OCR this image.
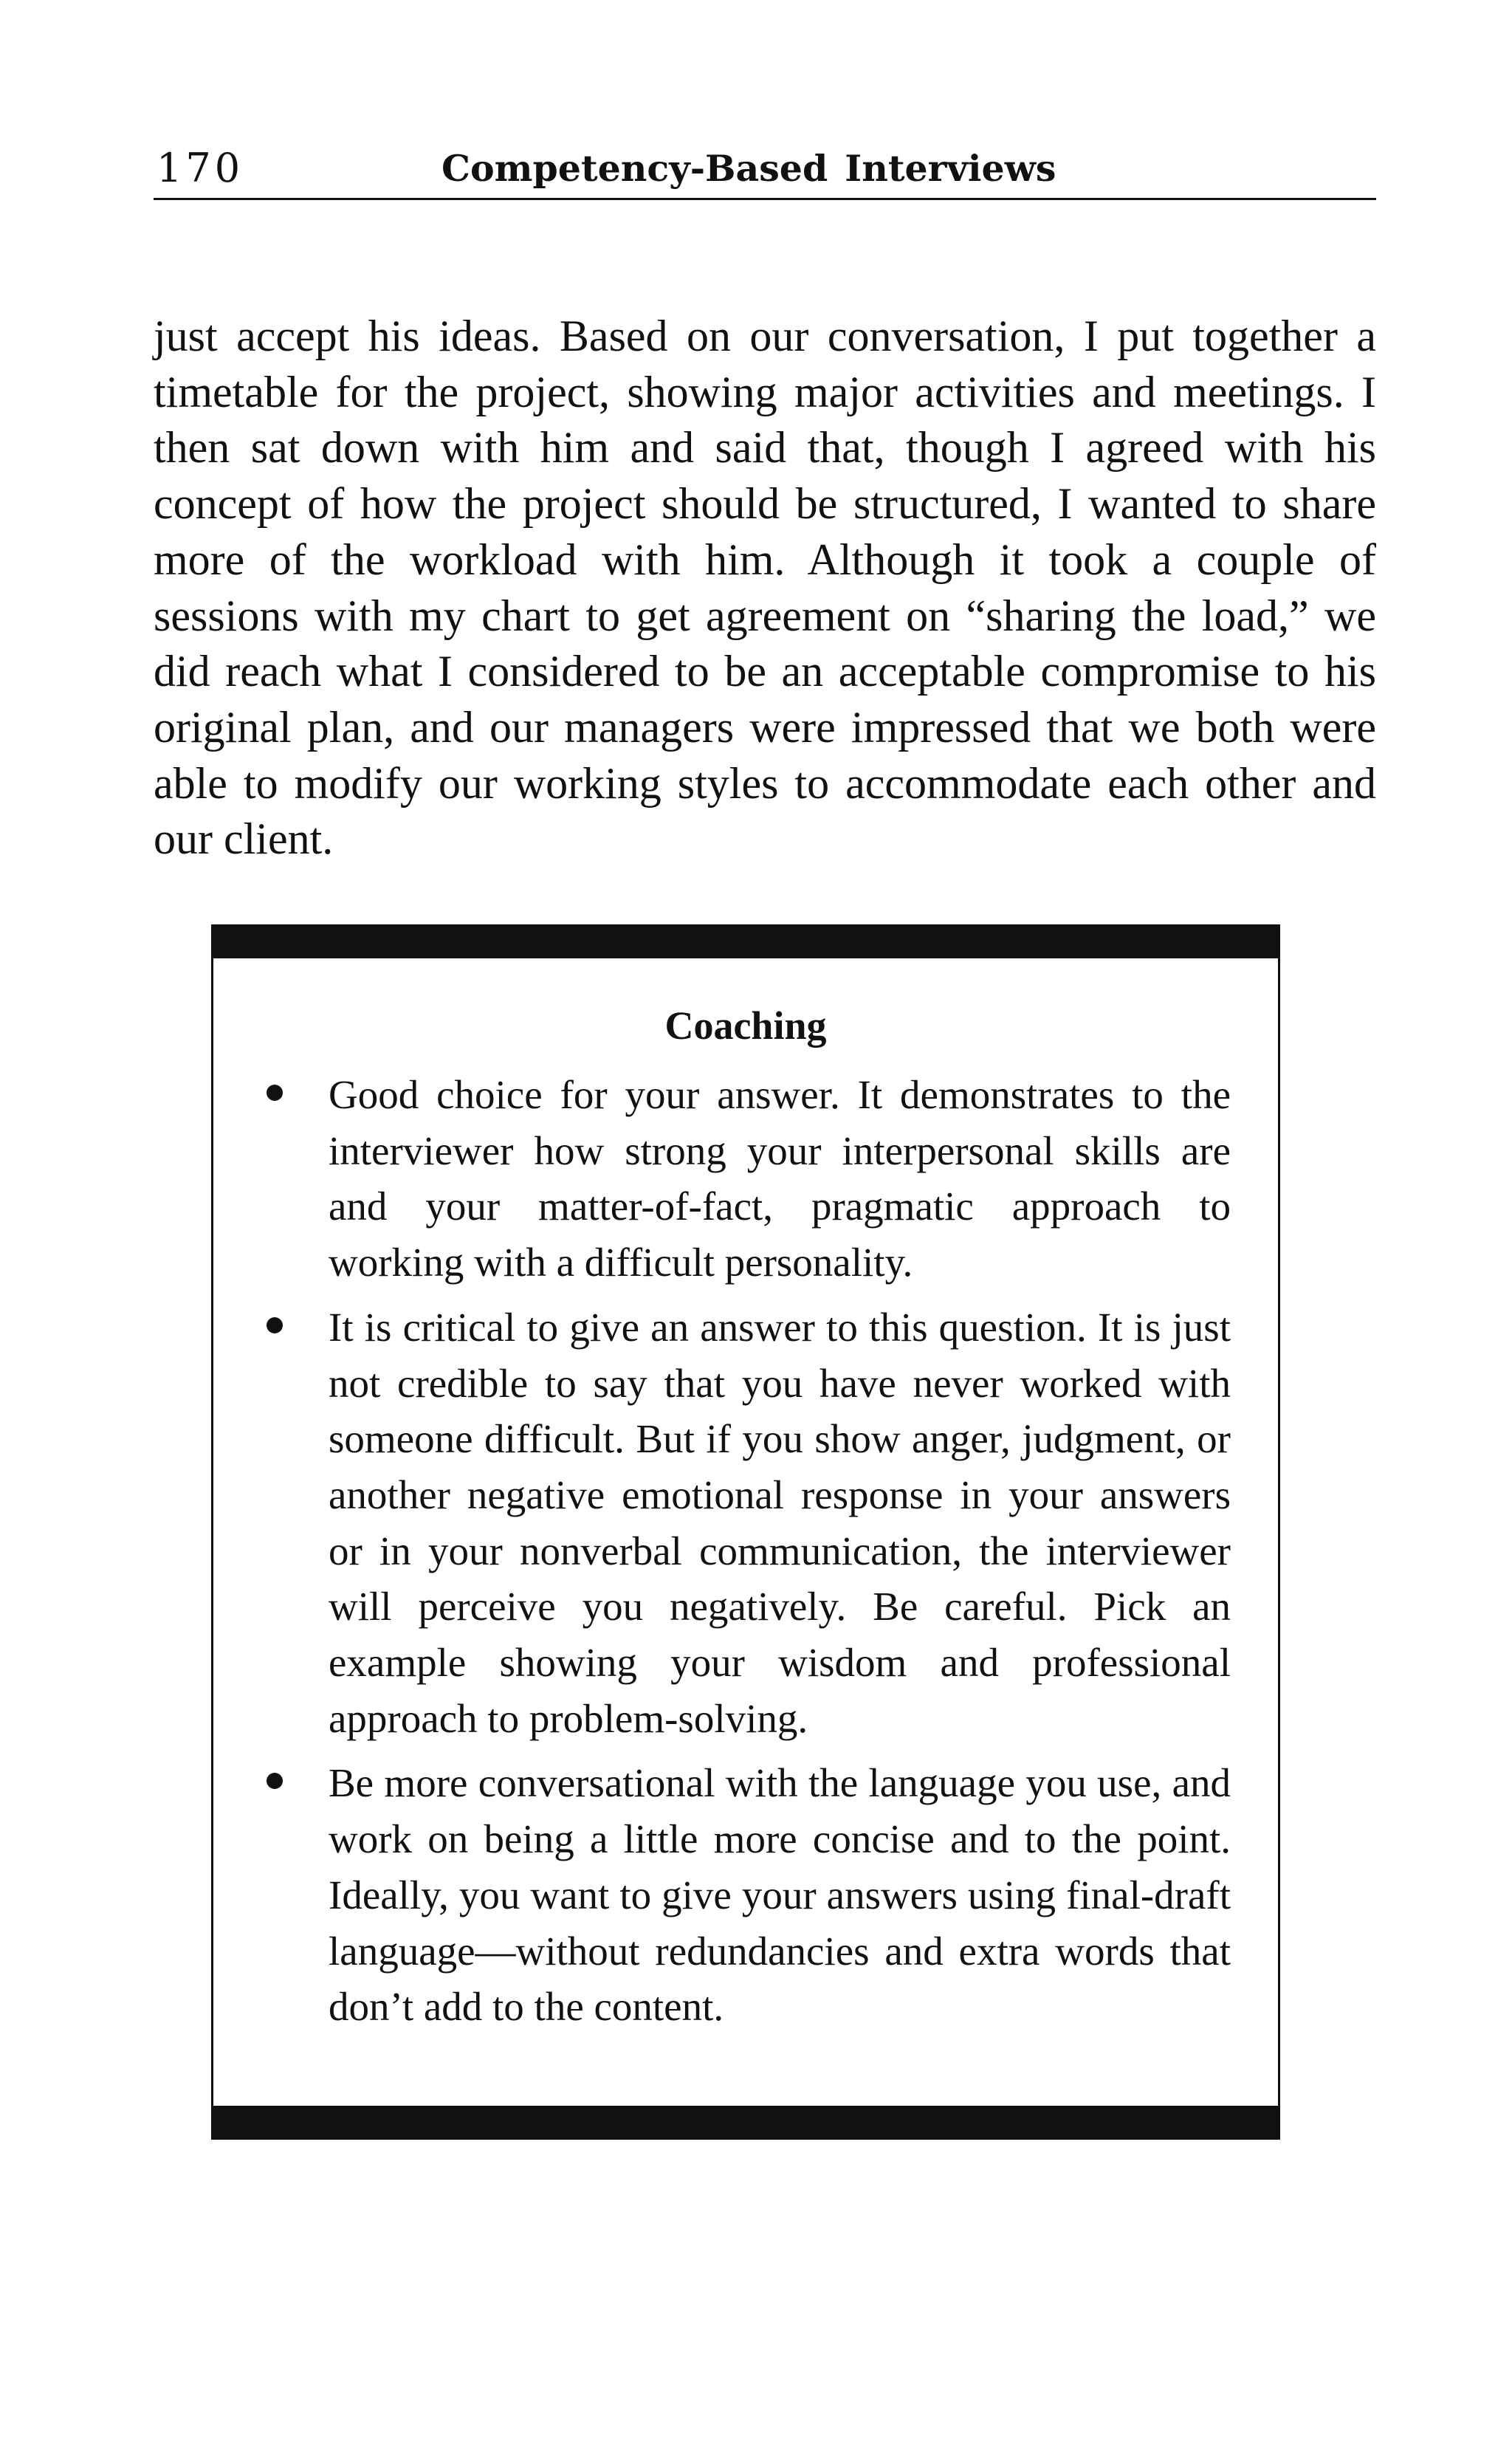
170	Competency-Based Interviews

just accept his ideas. Based on our conversation, I put together a timetable for the project, showing major activities and meetings. I then sat down with him and said that, though I agreed with his concept of how the project should be structured, I wanted to share more of the workload with him. Although it took a couple of sessions with my chart to get agreement on “sharing the load,” we did reach what I considered to be an acceptable compromise to his original plan, and our managers were impressed that we both were able to modify our working styles to accommodate each other and our client.

Coaching
Good choice for your answer. It demonstrates to the interviewer how strong your interpersonal skills are and your matter-of-fact, pragmatic approach to working with a difficult personality.
It is critical to give an answer to this question. It is just not credible to say that you have never worked with someone difficult. But if you show anger, judgment, or another negative emotional response in your answers or in your nonverbal communication, the interviewer will perceive you negatively. Be careful. Pick an example showing your wisdom and professional approach to problem-solving.
Be more conversational with the language you use, and work on being a little more concise and to the point. Ideally, you want to give your answers using final-draft language—without redundancies and extra words that don’t add to the content.
